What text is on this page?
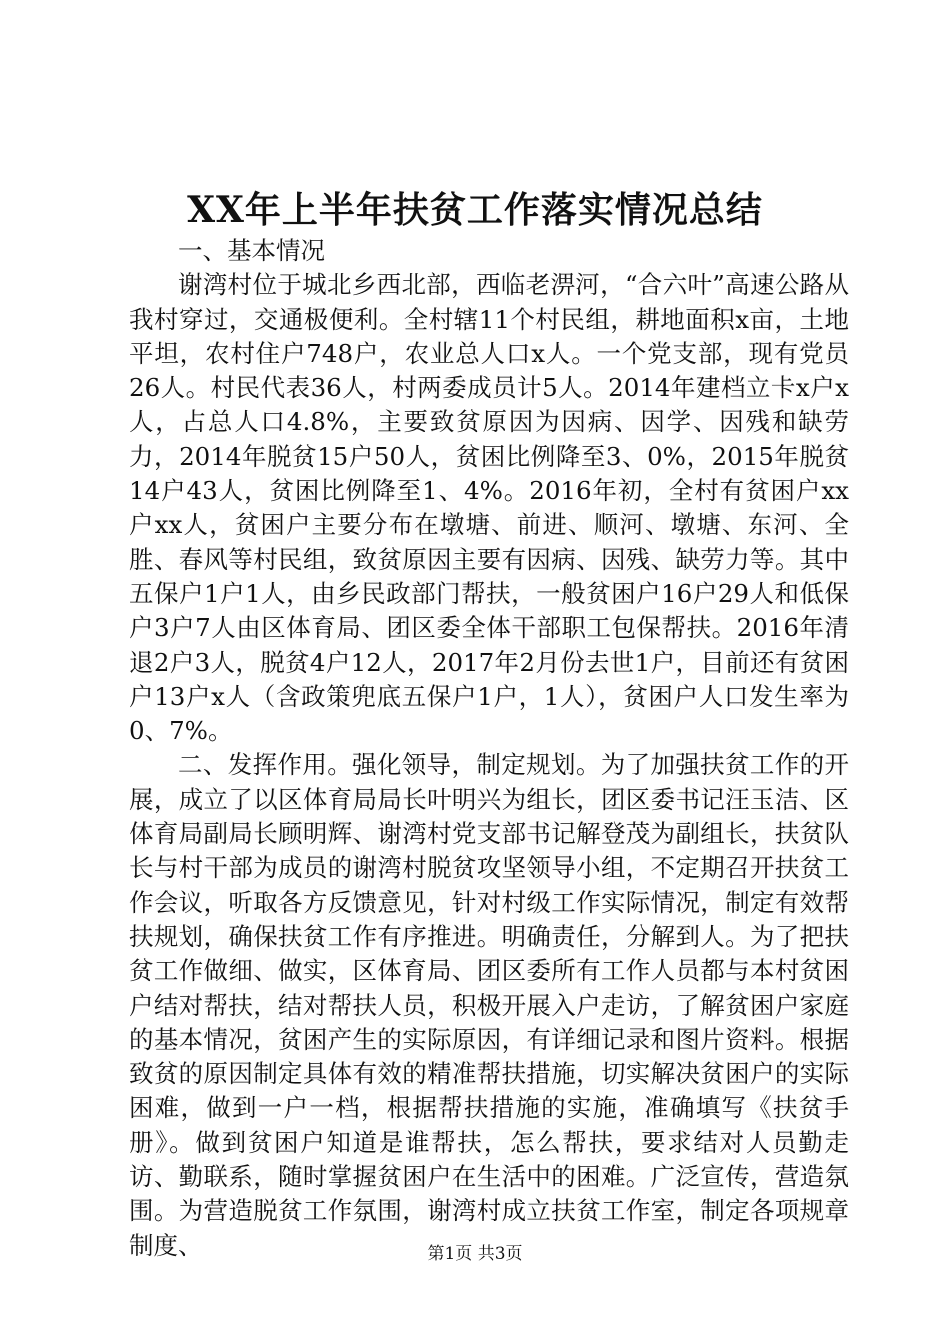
XX年上半年扶贫工作落实情况总结

一、基本情况

谢湾村位于城北乡西北部，西临老淠河，“合六叶”高速公路从我村穿过，交通极便利。全村辖11个村民组，耕地面积x亩，土地平坦，农村住户748户，农业总人口x人。一个党支部，现有党员26人。村民代表36人，村两委成员计5人。2014年建档立卡x户x人，占总人口4.8%，主要致贫原因为因病、因学、因残和缺劳力，2014年脱贫15户50人，贫困比例降至3、0%，2015年脱贫14户43人，贫困比例降至1、4%。2016年初，全村有贫困户xx户xx人，贫困户主要分布在墩塘、前进、顺河、墩塘、东河、全胜、春风等村民组，致贫原因主要有因病、因残、缺劳力等。其中五保户1户1人，由乡民政部门帮扶，一般贫困户16户29人和低保户3户7人由区体育局、团区委全体干部职工包保帮扶。2016年清退2户3人，脱贫4户12人，2017年2月份去世1户，目前还有贫困户13户x人（含政策兜底五保户1户，1人），贫困户人口发生率为0、7%。

二、发挥作用。强化领导，制定规划。为了加强扶贫工作的开展，成立了以区体育局局长叶明兴为组长，团区委书记汪玉洁、区体育局副局长顾明辉、谢湾村党支部书记解登茂为副组长，扶贫队长与村干部为成员的谢湾村脱贫攻坚领导小组，不定期召开扶贫工作会议，听取各方反馈意见，针对村级工作实际情况，制定有效帮扶规划，确保扶贫工作有序推进。明确责任，分解到人。为了把扶贫工作做细、做实，区体育局、团区委所有工作人员都与本村贫困户结对帮扶，结对帮扶人员，积极开展入户走访，了解贫困户家庭的基本情况，贫困产生的实际原因，有详细记录和图片资料。根据致贫的原因制定具体有效的精准帮扶措施，切实解决贫困户的实际困难，做到一户一档，根据帮扶措施的实施，准确填写《扶贫手册》。做到贫困户知道是谁帮扶，怎么帮扶，要求结对人员勤走访、勤联系，随时掌握贫困户在生活中的困难。广泛宣传，营造氛围。为营造脱贫工作氛围，谢湾村成立扶贫工作室，制定各项规章制度、	第1页 共3页
